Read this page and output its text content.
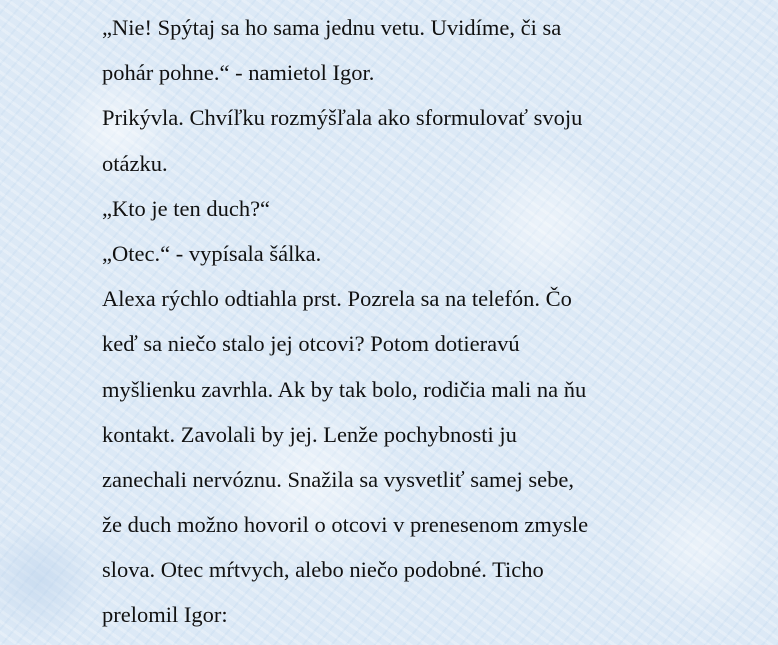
„Nie! Spýtaj sa ho sama jednu vetu. Uvidíme, či sa
pohár pohne.“ - namietol Igor.
Prikývla. Chvíľku rozmýšľala ako sformulovať svoju
otázku.
„Kto je ten duch?“
„Otec.“ - vypísala šálka.
Alexa rýchlo odtiahla prst. Pozrela sa na telefón. Čo
keď sa niečo stalo jej otcovi? Potom dotieravú
myšlienku zavrhla. Ak by tak bolo, rodičia mali na ňu
kontakt. Zavolali by jej. Lenže pochybnosti ju
zanechali nervóznu. Snažila sa vysvetliť samej sebe,
že duch možno hovoril o otcovi v prenesenom zmysle
slova. Otec mŕtvych, alebo niečo podobné. Ticho
prelomil Igor:
